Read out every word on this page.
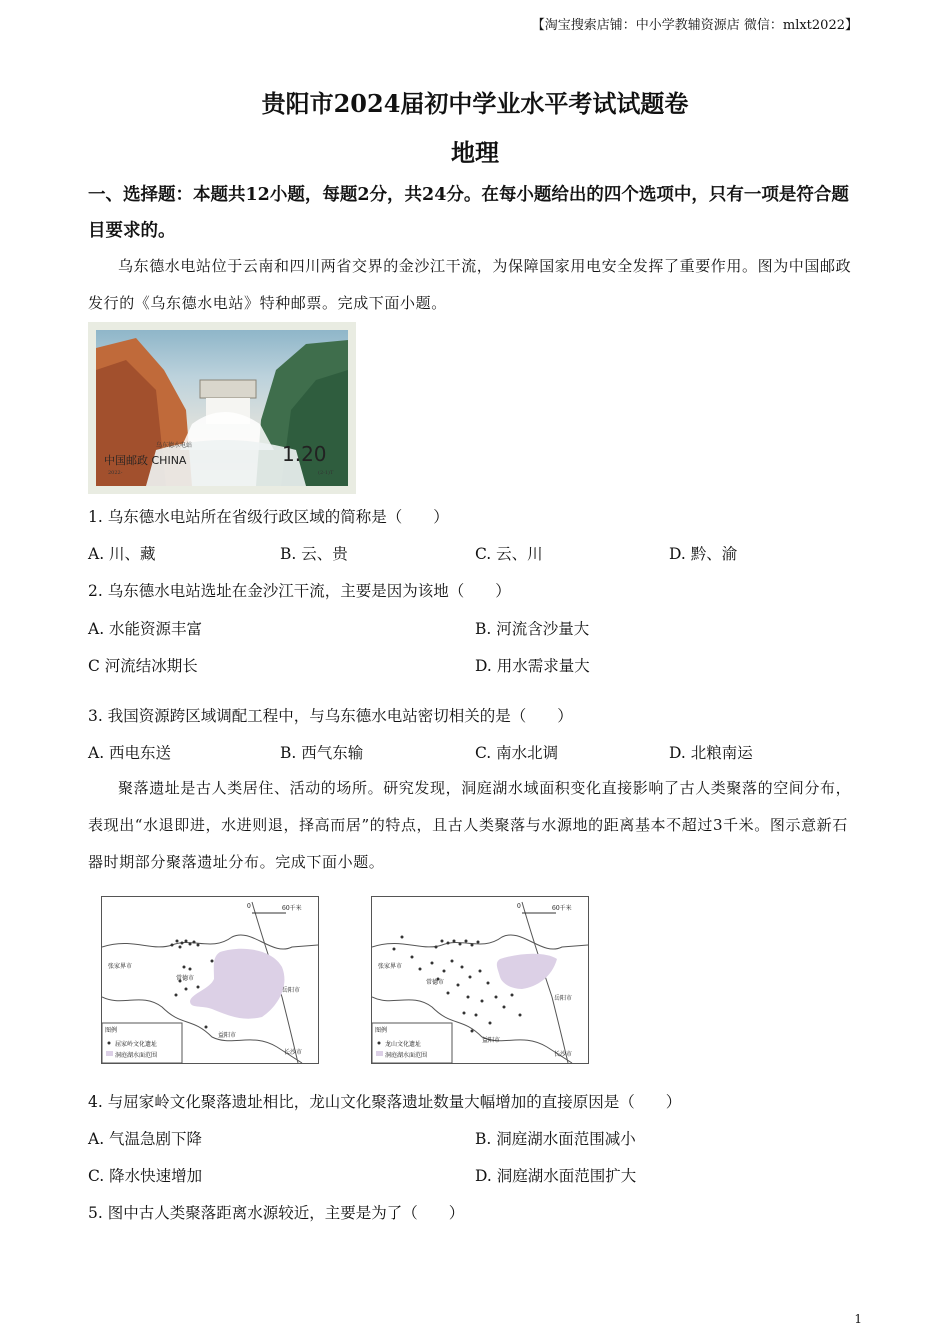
【淘宝搜索店铺：中小学教辅资源店 微信：mlxt2022】
贵阳市2024届初中学业水平考试试题卷
地理
一、选择题：本题共12小题，每题2分，共24分。在每小题给出的四个选项中，只有一项是符合题目要求的。
乌东德水电站位于云南和四川两省交界的金沙江干流，为保障国家用电安全发挥了重要作用。图为中国邮政发行的《乌东德水电站》特种邮票。完成下面小题。
乌东德水电站
中国邮政 CHINA	1.20
2022-	(2-1)T
1. 乌东德水电站所在省级行政区域的简称是（　　）
A. 川、藏	B. 云、贵	C. 云、川	D. 黔、渝
2. 乌东德水电站选址在金沙江干流，主要是因为该地（　　）
A. 水能资源丰富	B. 河流含沙量大
C 河流结冰期长	D. 用水需求量大
3. 我国资源跨区域调配工程中，与乌东德水电站密切相关的是（　　）
A. 西电东送	B. 西气东输	C. 南水北调	D. 北粮南运
聚落遗址是古人类居住、活动的场所。研究发现，洞庭湖水域面积变化直接影响了古人类聚落的空间分布，表现出“水退即进，水进则退，择高而居”的特点，且古人类聚落与水源地的距离基本不超过3千米。图示意新石器时期部分聚落遗址分布。完成下面小题。
0	60千米
张家界市
常德市
岳阳市
益阳市
长沙市
图例
屈家岭文化遗址
洞庭湖水面范围
0	60千米
张家界市
常德市
岳阳市
益阳市
长沙市
图例
龙山文化遗址
洞庭湖水面范围
4. 与屈家岭文化聚落遗址相比，龙山文化聚落遗址数量大幅增加的直接原因是（　　）
A. 气温急剧下降	B. 洞庭湖水面范围减小
C. 降水快速增加	D. 洞庭湖水面范围扩大
5. 图中古人类聚落距离水源较近，主要是为了（　　）
1
